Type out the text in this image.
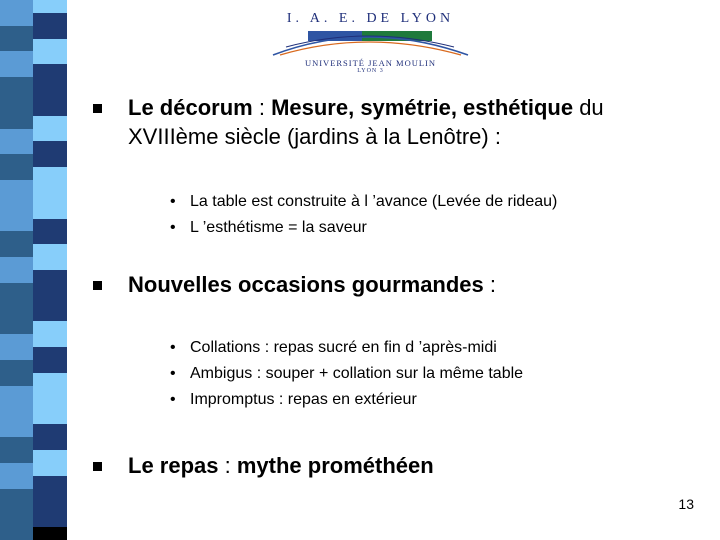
I. A. E. DE LYON
UNIVERSITÉ JEAN MOULIN
LYON 3
Le décorum : Mesure, symétrie, esthétique du
XVIIIème siècle (jardins à la Lenôtre) :
• La table est construite à l ’avance (Levée de rideau)
• L ’esthétisme = la saveur
Nouvelles occasions gourmandes :
• Collations : repas sucré en fin d ’après-midi
• Ambigus : souper + collation sur la même table
• Impromptus : repas en extérieur
Le repas : mythe prométhéen
13
